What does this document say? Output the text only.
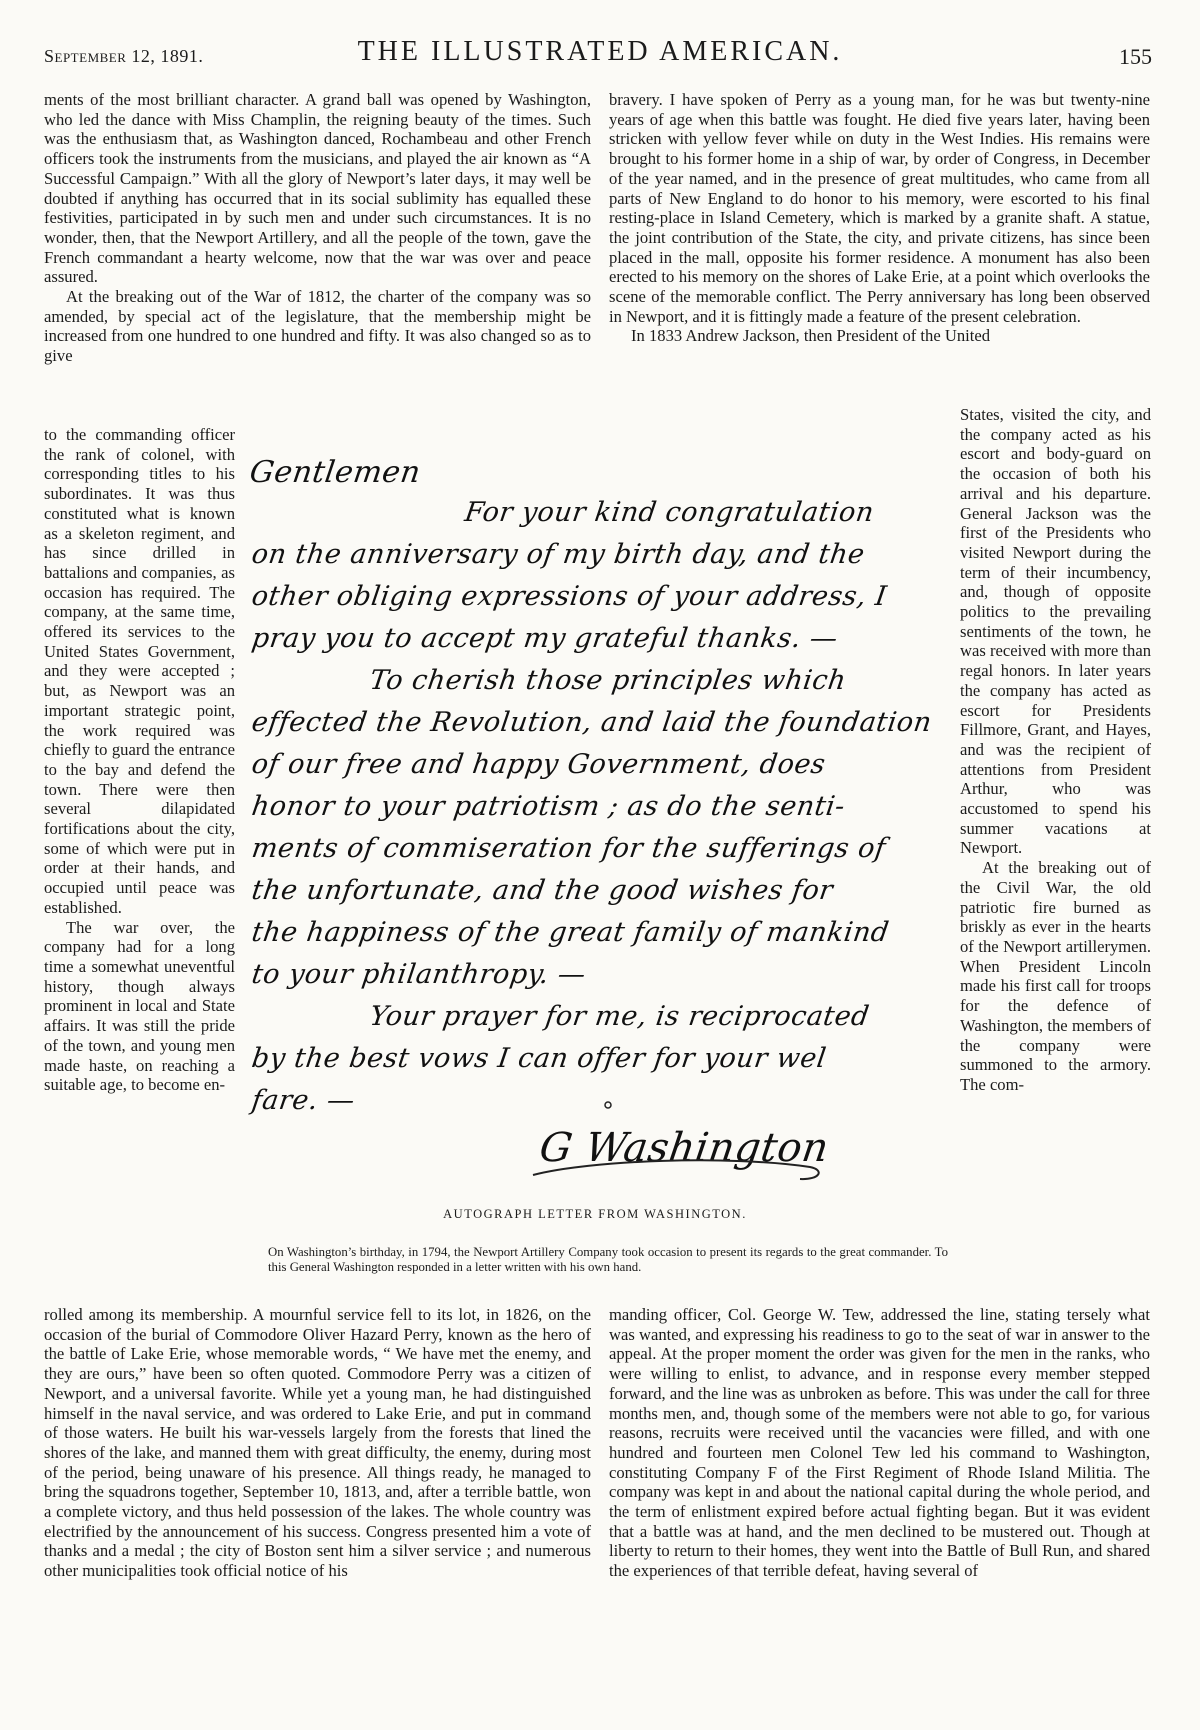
September 12, 1891.	THE ILLUSTRATED AMERICAN.	155

ments of the most brilliant character. A grand ball was opened by Washington, who led the dance with Miss Champlin, the reigning beauty of the times. Such was the enthusiasm that, as Washington danced, Rochambeau and other French officers took the instruments from the musicians, and played the air known as “A Successful Campaign.” With all the glory of Newport’s later days, it may well be doubted if anything has occurred that in its social sublimity has equalled these festivities, participated in by such men and under such circumstances. It is no wonder, then, that the Newport Artillery, and all the people of the town, gave the French commandant a hearty welcome, now that the war was over and peace assured.

At the breaking out of the War of 1812, the charter of the company was so amended, by special act of the legislature, that the membership might be increased from one hundred to one hundred and fifty. It was also changed so as to give

to the commanding officer the rank of colonel, with corresponding titles to his subordinates. It was thus constituted what is known as a skeleton regiment, and has since drilled in battalions and companies, as occasion has required. The company, at the same time, offered its services to the United States Government, and they were accepted ; but, as Newport was an important strategic point, the work required was chiefly to guard the entrance to the bay and defend the town. There were then several dilapidated fortifications about the city, some of which were put in order at their hands, and occupied until peace was established.

The war over, the company had for a long time a somewhat uneventful history, though always prominent in local and State affairs. It was still the pride of the town, and young men made haste, on reaching a suitable age, to become en-

bravery. I have spoken of Perry as a young man, for he was but twenty-nine years of age when this battle was fought. He died five years later, having been stricken with yellow fever while on duty in the West Indies. His remains were brought to his former home in a ship of war, by order of Congress, in December of the year named, and in the presence of great multitudes, who came from all parts of New England to do honor to his memory, were escorted to his final resting-place in Island Cemetery, which is marked by a granite shaft. A statue, the joint contribution of the State, the city, and private citizens, has since been placed in the mall, opposite his former residence. A monument has also been erected to his memory on the shores of Lake Erie, at a point which overlooks the scene of the memorable conflict. The Perry anniversary has long been observed in Newport, and it is fittingly made a feature of the present celebration.

In 1833 Andrew Jackson, then President of the United

States, visited the city, and the company acted as his escort and body-guard on the occasion of both his arrival and his departure. General Jackson was the first of the Presidents who visited Newport during the term of their incumbency, and, though of opposite politics to the prevailing sentiments of the town, he was received with more than regal honors. In later years the company has acted as escort for Presidents Fillmore, Grant, and Hayes, and was the recipient of attentions from President Arthur, who was accustomed to spend his summer vacations at Newport.

At the breaking out of the Civil War, the old patriotic fire burned as briskly as ever in the hearts of the Newport artillerymen. When President Lincoln made his first call for troops for the defence of Washington, the members of the company were summoned to the armory. The com-

Gentlemen
For your kind congratulation
on the anniversary of my birth day, and the
other obliging expressions of your address, I
pray you to accept my grateful thanks. —
To cherish those principles which
effected the Revolution, and laid the foundation
of our free and happy Government, does
honor to your patriotism ; as do the senti-
ments of commiseration for the sufferings of
the unfortunate, and the good wishes for
the happiness of the great family of mankind
to your philanthropy. —
Your prayer for me, is reciprocated
by the best vows I can offer for your wel
fare. —
G Washington
AUTOGRAPH LETTER FROM WASHINGTON.
On Washington’s birthday, in 1794, the Newport Artillery Company took occasion to present its regards to the great commander. To this General Washington responded in a letter written with his own hand.

rolled among its membership. A mournful service fell to its lot, in 1826, on the occasion of the burial of Commodore Oliver Hazard Perry, known as the hero of the battle of Lake Erie, whose memorable words, “ We have met the enemy, and they are ours,” have been so often quoted. Commodore Perry was a citizen of Newport, and a universal favorite. While yet a young man, he had distinguished himself in the naval service, and was ordered to Lake Erie, and put in command of those waters. He built his war-vessels largely from the forests that lined the shores of the lake, and manned them with great difficulty, the enemy, during most of the period, being unaware of his presence. All things ready, he managed to bring the squadrons together, September 10, 1813, and, after a terrible battle, won a complete victory, and thus held possession of the lakes. The whole country was electrified by the announcement of his success. Congress presented him a vote of thanks and a medal ; the city of Boston sent him a silver service ; and numerous other municipalities took official notice of his

manding officer, Col. George W. Tew, addressed the line, stating tersely what was wanted, and expressing his readiness to go to the seat of war in answer to the appeal. At the proper moment the order was given for the men in the ranks, who were willing to enlist, to advance, and in response every member stepped forward, and the line was as unbroken as before. This was under the call for three months men, and, though some of the members were not able to go, for various reasons, recruits were received until the vacancies were filled, and with one hundred and fourteen men Colonel Tew led his command to Washington, constituting Company F of the First Regiment of Rhode Island Militia. The company was kept in and about the national capital during the whole period, and the term of enlistment expired before actual fighting began. But it was evident that a battle was at hand, and the men declined to be mustered out. Though at liberty to return to their homes, they went into the Battle of Bull Run, and shared the experiences of that terrible defeat, having several of
